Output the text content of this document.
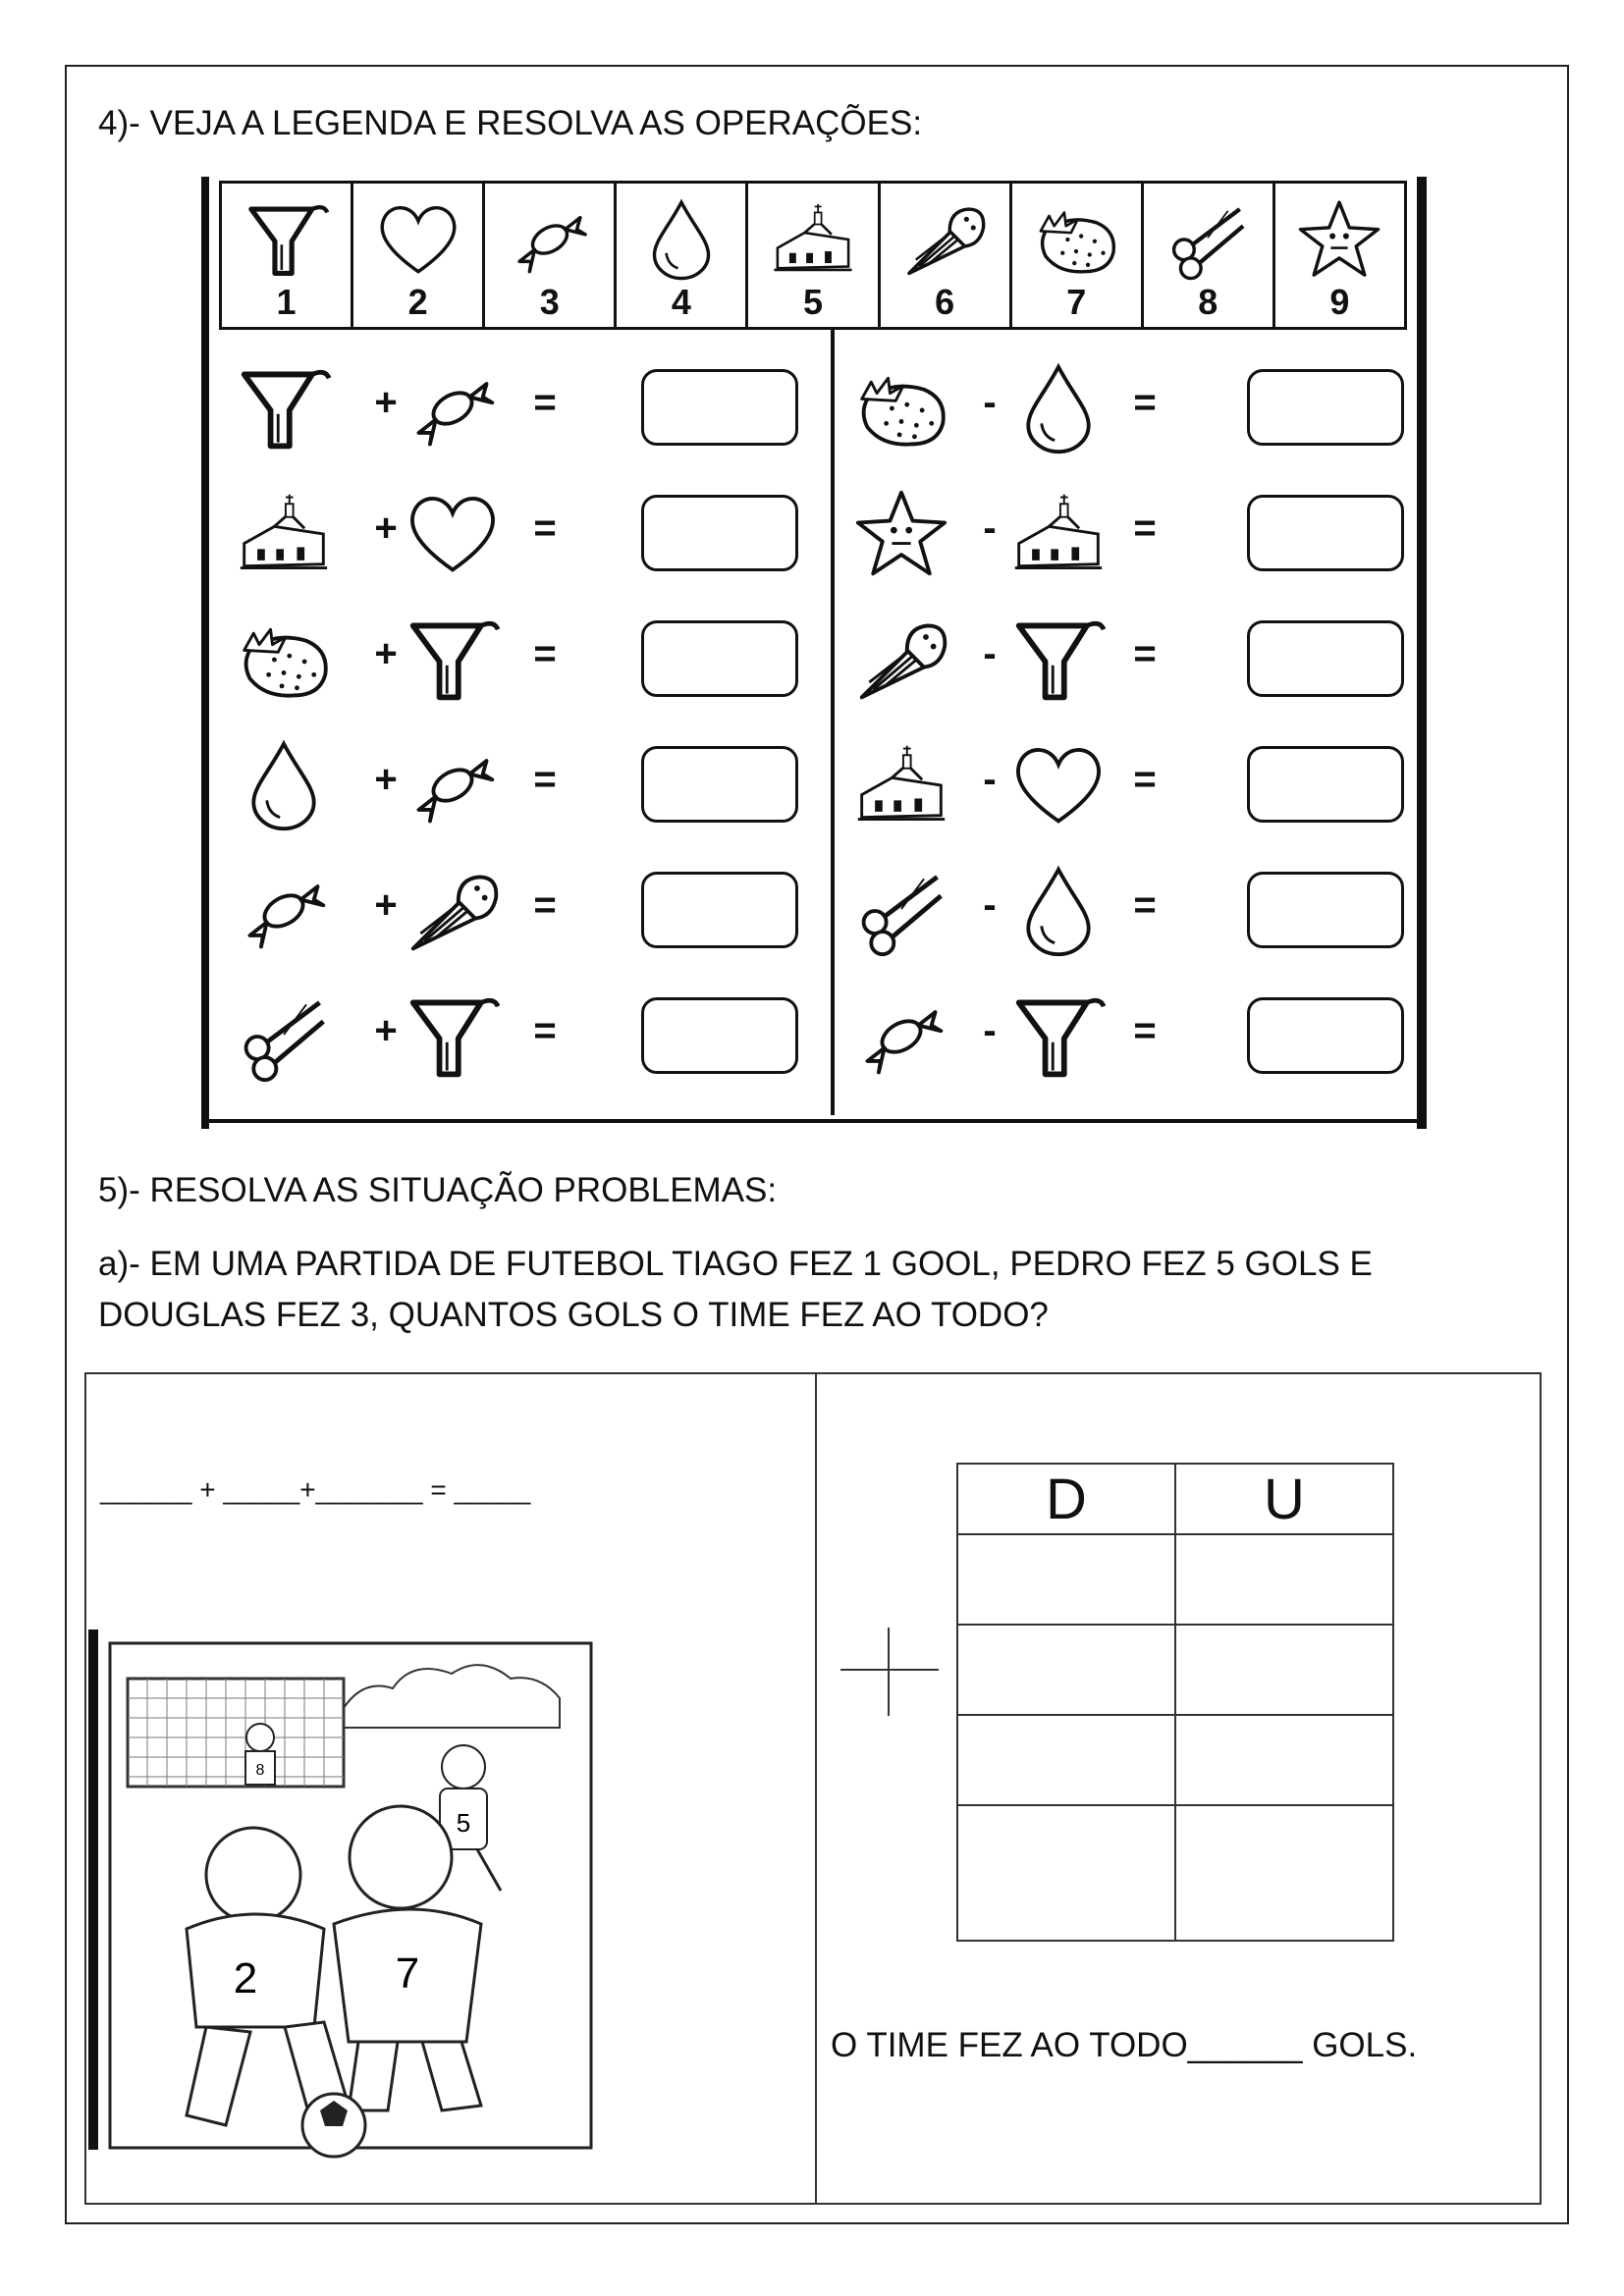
4)- VEJA A LEGENDA E RESOLVA AS OPERAÇÕES:
1	2	3	4	5	6	7	8	9
+	=
+	=
+	=
+	=
+	=
+	=
-	=
-	=
-	=
-	=
-	=
-	=
5)- RESOLVA AS SITUAÇÃO PROBLEMAS:
a)- EM UMA PARTIDA DE FUTEBOL TIAGO FEZ 1 GOOL, PEDRO FEZ 5 GOLS E DOUGLAS FEZ 3, QUANTOS GOLS O TIME FEZ AO TODO?
______ + _____+_______ = _____
8
5
2	7
D	U

O TIME FEZ AO TODO______ GOLS.
